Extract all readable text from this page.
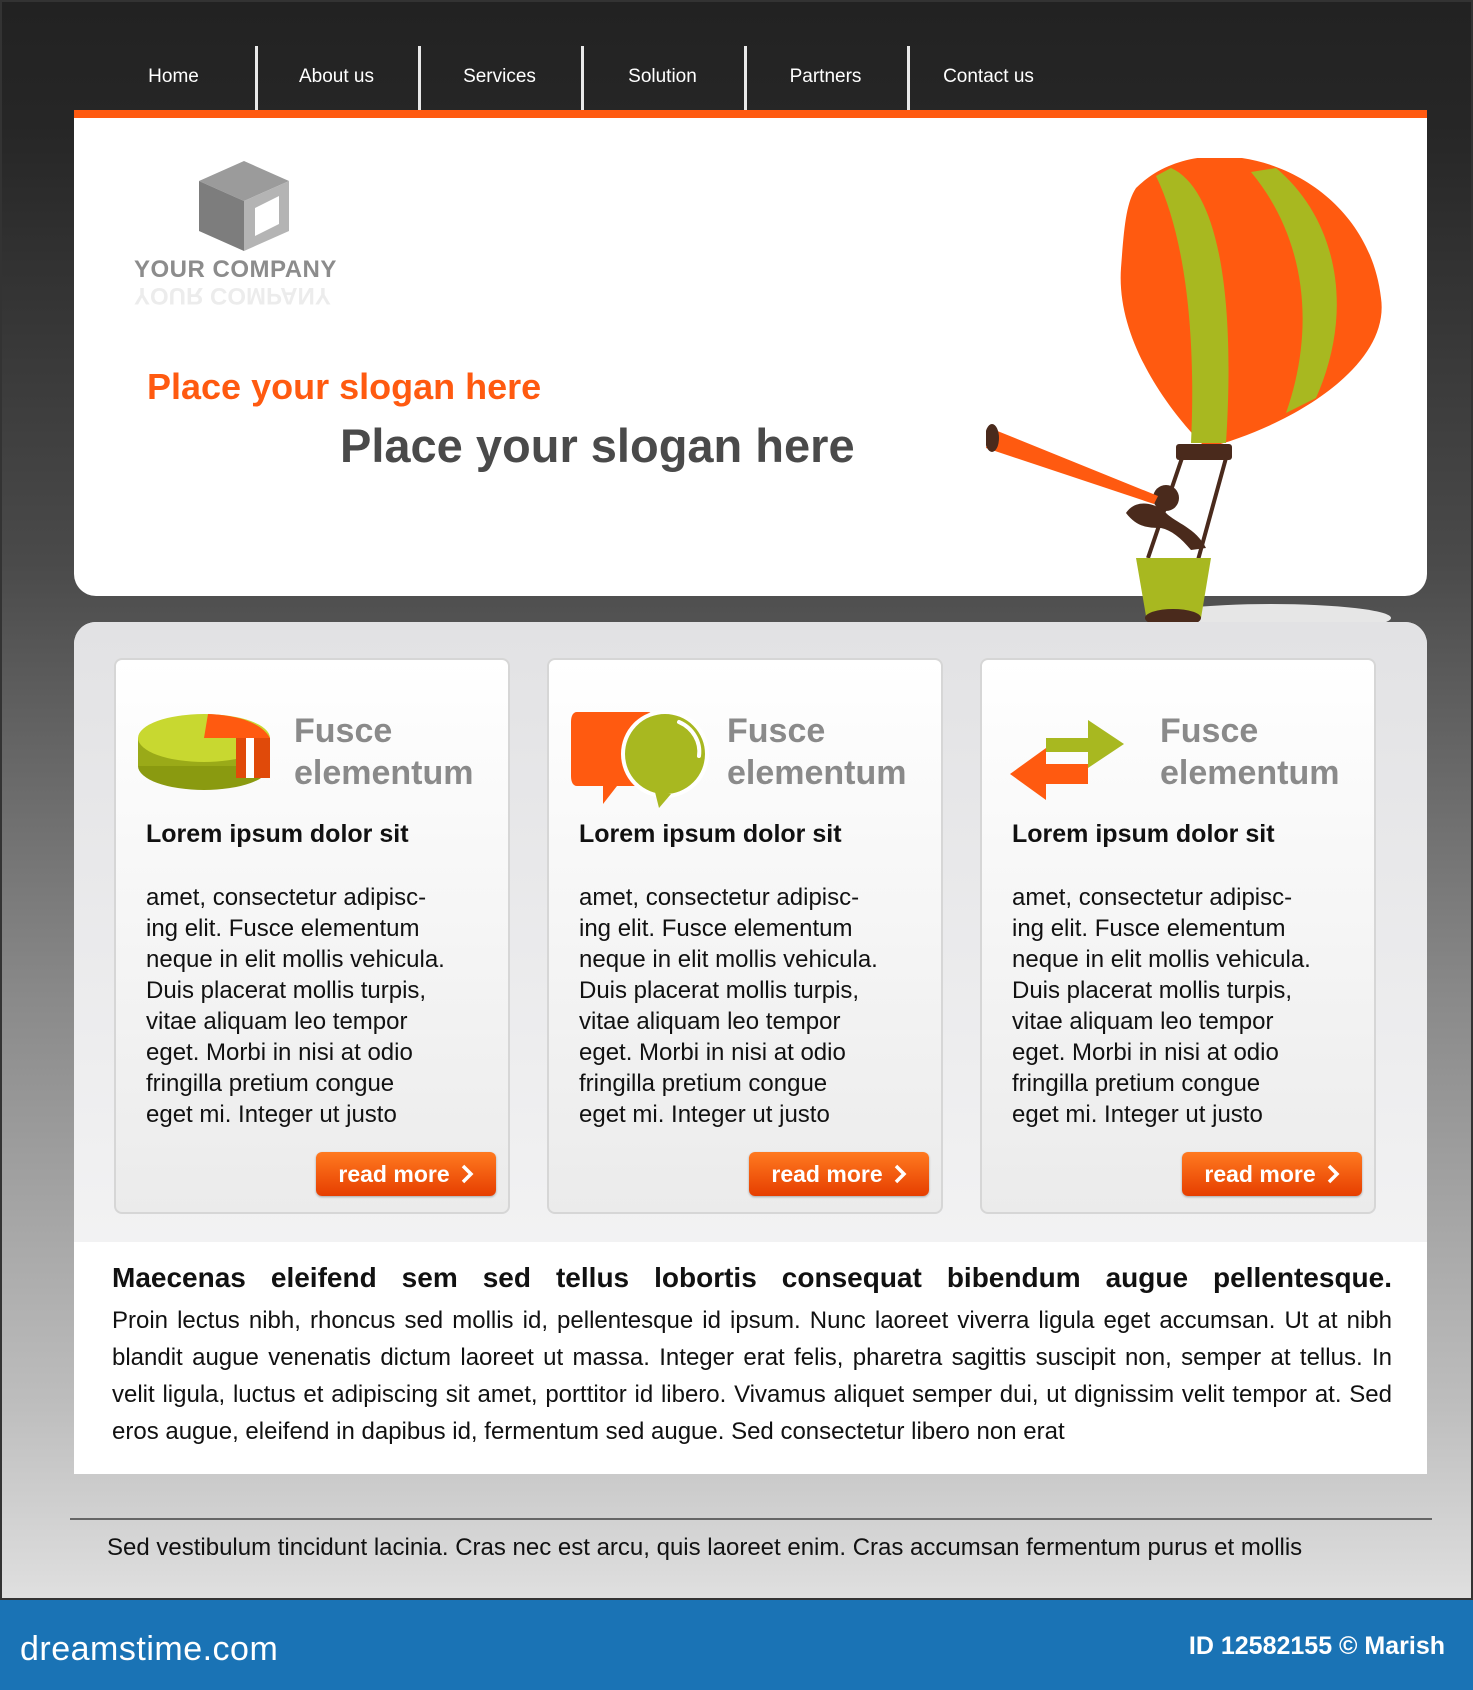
Home	About us	Services	Solution	Partners	Contact us
YOUR COMPANY
YOUR COMPANY
Place your slogan here
Place your slogan here
Fusce
elementum
Lorem ipsum dolor sit
amet, consectetur adipisc-
ing elit. Fusce elementum
neque in elit mollis vehicula.
Duis placerat mollis turpis,
vitae aliquam leo tempor
eget. Morbi in nisi at odio
fringilla pretium congue
eget mi. Integer ut justo
read more
Fusce
elementum
Lorem ipsum dolor sit
amet, consectetur adipisc-
ing elit. Fusce elementum
neque in elit mollis vehicula.
Duis placerat mollis turpis,
vitae aliquam leo tempor
eget. Morbi in nisi at odio
fringilla pretium congue
eget mi. Integer ut justo
read more
Fusce
elementum
Lorem ipsum dolor sit
amet, consectetur adipisc-
ing elit. Fusce elementum
neque in elit mollis vehicula.
Duis placerat mollis turpis,
vitae aliquam leo tempor
eget. Morbi in nisi at odio
fringilla pretium congue
eget mi. Integer ut justo
read more
Maecenas eleifend sem sed tellus lobortis consequat bibendum augue pellentesque.
Proin lectus nibh, rhoncus sed mollis id, pellentesque id ipsum. Nunc laoreet viverra ligula eget accumsan. Ut at nibh blandit augue venenatis dictum laoreet ut massa. Integer erat felis, pharetra sagittis suscipit non, semper at tellus. In velit ligula, luctus et adipiscing sit amet, porttitor id libero. Vivamus aliquet semper dui, ut dignissim velit tempor at. Sed eros augue, eleifend in dapibus id, fermentum sed augue. Sed consectetur libero non erat
Sed vestibulum tincidunt lacinia. Cras nec est arcu, quis laoreet enim. Cras accumsan fermentum purus et mollis
dreamstime.com	ID 12582155 © Marish
